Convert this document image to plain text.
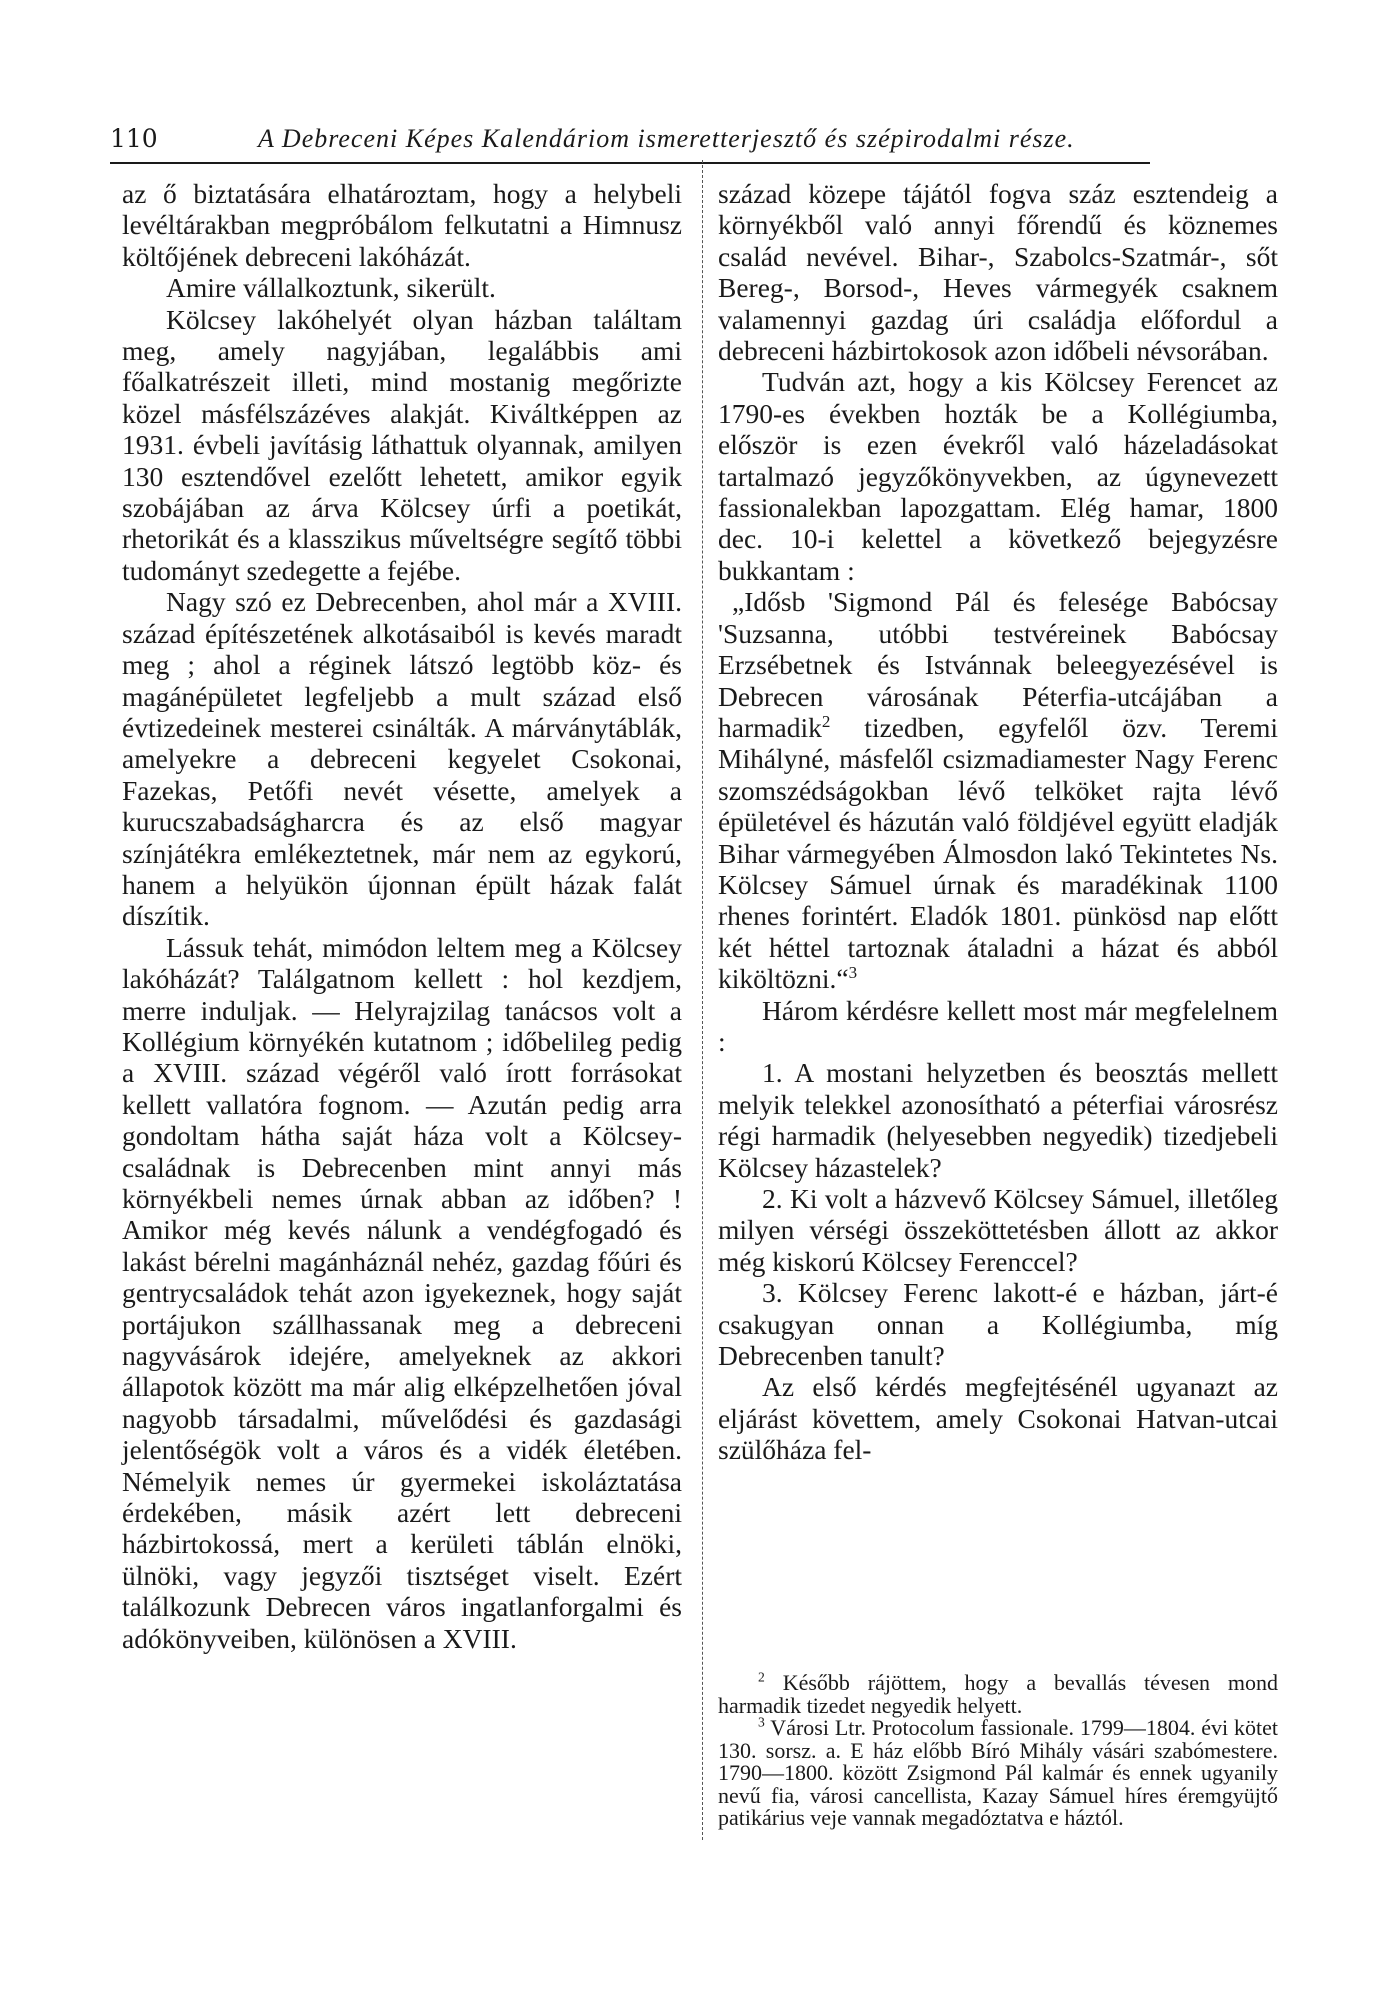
110	A Debreceni Képes Kalendáriom ismeretterjesztő és szépirodalmi része.

az ő biztatására elhatároztam, hogy a helybeli levéltárakban megpróbálom felkutatni a Himnusz költőjének debreceni lakóházát.

Amire vállalkoztunk, sikerült.

Kölcsey lakóhelyét olyan házban találtam meg, amely nagyjában, legalábbis ami főalkatrészeit illeti, mind mostanig megőrizte közel másfélszázéves alakját. Kiváltképpen az 1931. évbeli javításig láthattuk olyannak, amilyen 130 esztendővel ezelőtt lehetett, amikor egyik szobájában az árva Kölcsey úrfi a poetikát, rhetorikát és a klasszikus műveltségre segítő többi tudományt szedegette a fejébe.

Nagy szó ez Debrecenben, ahol már a XVIII. század építészetének alkotásaiból is kevés maradt meg ; ahol a réginek látszó legtöbb köz- és magánépületet legfeljebb a mult század első évtizedeinek mesterei csinálták. A márványtáblák, amelyekre a debreceni kegyelet Csokonai, Fazekas, Petőfi nevét vésette, amelyek a kurucszabadságharcra és az első magyar színjátékra emlékeztetnek, már nem az egykorú, hanem a helyükön újonnan épült házak falát díszítik.

Lássuk tehát, mimódon leltem meg a Kölcsey lakóházát? Találgatnom kellett : hol kezdjem, merre induljak. — Helyrajzilag tanácsos volt a Kollégium környékén kutatnom ; időbelileg pedig a XVIII. század végéről való írott forrásokat kellett vallatóra fognom. — Azután pedig arra gondoltam hátha saját háza volt a Kölcsey-családnak is Debrecenben mint annyi más környékbeli nemes úrnak abban az időben? ! Amikor még kevés nálunk a vendégfogadó és lakást bérelni magánháznál nehéz, gazdag főúri és gentrycsaládok tehát azon igyekeznek, hogy saját portájukon szállhassanak meg a debreceni nagyvásárok idejére, amelyeknek az akkori állapotok között ma már alig elképzelhetően jóval nagyobb társadalmi, művelődési és gazdasági jelentőségök volt a város és a vidék életében. Némelyik nemes úr gyermekei iskoláztatása érdekében, másik azért lett debreceni házbirtokossá, mert a kerületi táblán elnöki, ülnöki, vagy jegyzői tisztséget viselt. Ezért találkozunk Debrecen város ingatlanforgalmi és adókönyveiben, különösen a XVIII.

század közepe tájától fogva száz esztendeig a környékből való annyi főrendű és köznemes család nevével. Bihar-, Szabolcs-Szatmár-, sőt Bereg-, Borsod-, Heves vármegyék csaknem valamennyi gazdag úri családja előfordul a debreceni házbirtokosok azon időbeli névsorában.

Tudván azt, hogy a kis Kölcsey Ferencet az 1790-es években hozták be a Kollégiumba, először is ezen évekről való házeladásokat tartalmazó jegyzőkönyvekben, az úgynevezett fassionalekban lapozgattam. Elég hamar, 1800 dec. 10-i kelettel a következő bejegyzésre bukkantam :

„Idősb 'Sigmond Pál és felesége Babócsay 'Suzsanna, utóbbi testvéreinek Babócsay Erzsébetnek és Istvánnak beleegyezésével is Debrecen városának Péterfia-utcájában a harmadik$^2$ tizedben, egyfelől özv. Teremi Mihályné, másfelől csizmadiamester Nagy Ferenc szomszédságokban lévő telköket rajta lévő épületével és házután való földjével együtt eladják Bihar vármegyében Álmosdon lakó Tekintetes Ns. Kölcsey Sámuel úrnak és maradékinak 1100 rhenes forintért. Eladók 1801. pünkösd nap előtt két héttel tartoznak átaladni a házat és abból kiköltözni.“$^3$

Három kérdésre kellett most már megfelelnem :

1. A mostani helyzetben és beosztás mellett melyik telekkel azonosítható a péterfiai városrész régi harmadik (helyesebben negyedik) tizedjebeli Kölcsey házastelek?

2. Ki volt a házvevő Kölcsey Sámuel, illetőleg milyen vérségi összeköttetésben állott az akkor még kiskorú Kölcsey Ferenccel?

3. Kölcsey Ferenc lakott-é e házban, járt-é csakugyan onnan a Kollégiumba, míg Debrecenben tanult?

Az első kérdés megfejtésénél ugyanazt az eljárást követtem, amely Csokonai Hatvan-utcai szülőháza fel-

$^2$ Később rájöttem, hogy a bevallás tévesen mond harmadik tizedet negyedik helyett.

$^3$ Városi Ltr. Protocolum fassionale. 1799—1804. évi kötet 130. sorsz. a. E ház előbb Bíró Mihály vásári szabómestere. 1790—1800. között Zsigmond Pál kalmár és ennek ugyanily nevű fia, városi cancellista, Kazay Sámuel híres éremgyüjtő patikárius veje vannak megadóztatva e háztól.
